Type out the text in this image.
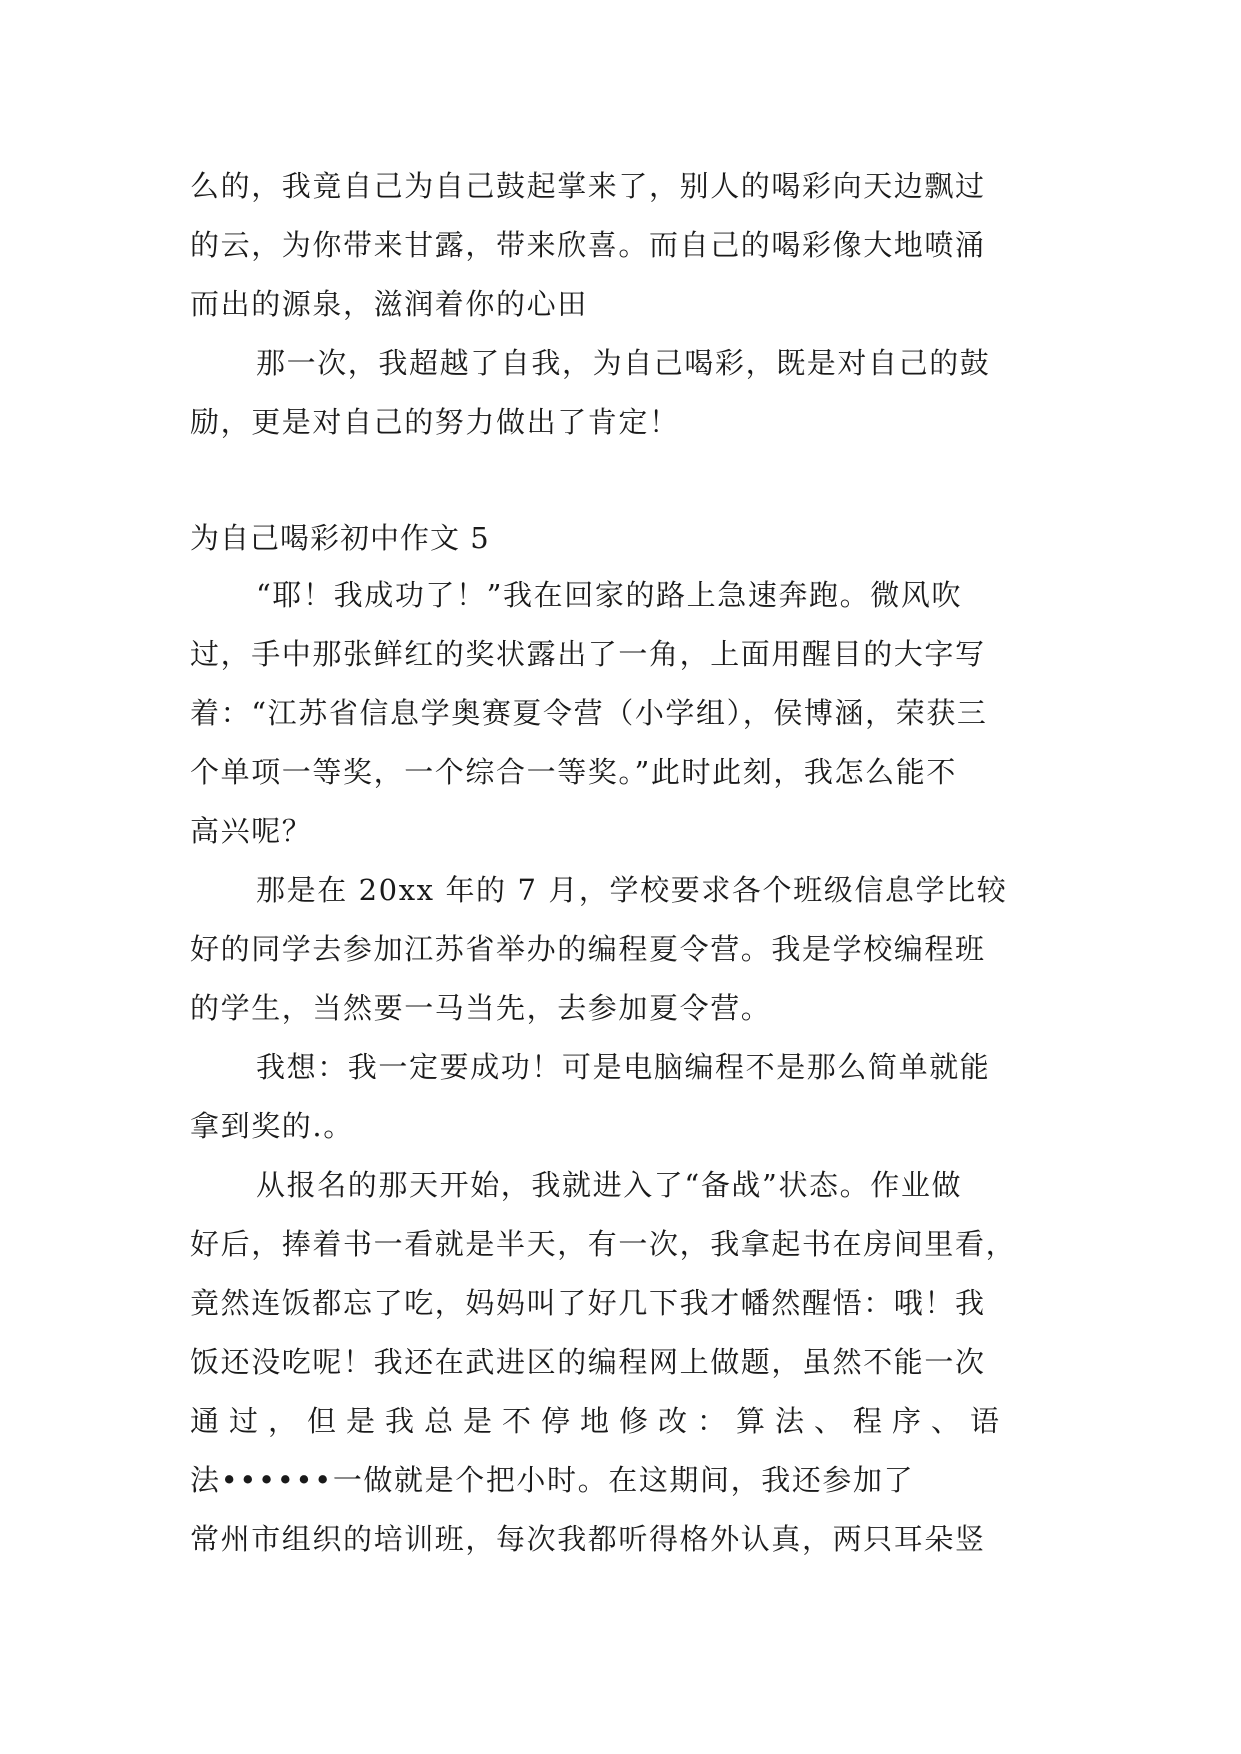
么的，我竟自己为自己鼓起掌来了，别人的喝彩向天边飘过
的云，为你带来甘露，带来欣喜。而自己的喝彩像大地喷涌
而出的源泉，滋润着你的心田
那一次，我超越了自我，为自己喝彩，既是对自己的鼓
励，更是对自己的努力做出了肯定！
为自己喝彩初中作文 5
“耶！我成功了！”我在回家的路上急速奔跑。微风吹
过，手中那张鲜红的奖状露出了一角，上面用醒目的大字写
着：“江苏省信息学奥赛夏令营（小学组），侯博涵，荣获三
个单项一等奖，一个综合一等奖。”此时此刻，我怎么能不
高兴呢？
那是在 20xx 年的 7 月，学校要求各个班级信息学比较
好的同学去参加江苏省举办的编程夏令营。我是学校编程班
的学生，当然要一马当先，去参加夏令营。
我想：我一定要成功！可是电脑编程不是那么简单就能
拿到奖的.。
从报名的那天开始，我就进入了“备战”状态。作业做
好后，捧着书一看就是半天，有一次，我拿起书在房间里看，
竟然连饭都忘了吃，妈妈叫了好几下我才幡然醒悟：哦！我
饭还没吃呢！我还在武进区的编程网上做题，虽然不能一次
通过，但是我总是不停地修改：算法、程序、语
法••••••一做就是个把小时。在这期间，我还参加了
常州市组织的培训班，每次我都听得格外认真，两只耳朵竖
